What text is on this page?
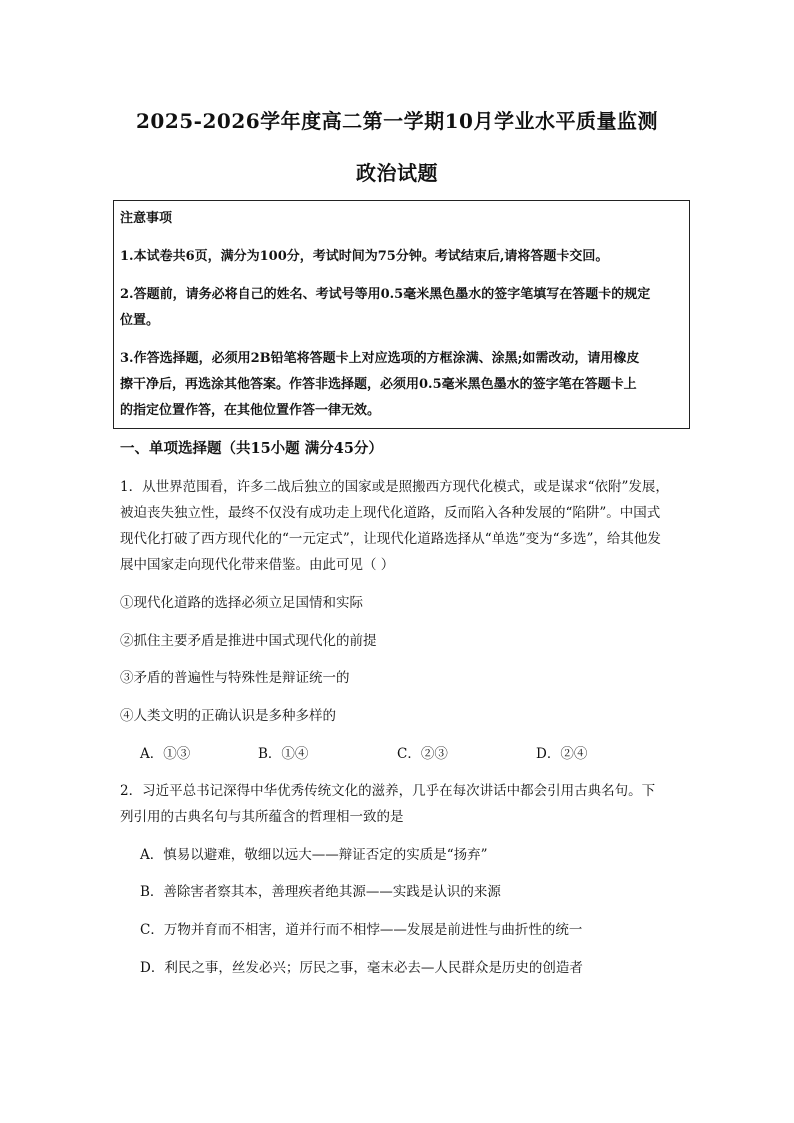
2025-2026学年度高二第一学期10月学业水平质量监测
政治试题
注意事项
1.本试卷共6页，满分为100分，考试时间为75分钟。考试结束后,请将答题卡交回。
2.答题前，请务必将自己的姓名、考试号等用0.5毫米黑色墨水的签字笔填写在答题卡的规定
位置。
3.作答选择题，必须用2B铅笔将答题卡上对应选项的方框涂满、涂黑;如需改动，请用橡皮
擦干净后，再选涂其他答案。作答非选择题，必须用0.5毫米黑色墨水的签字笔在答题卡上
的指定位置作答，在其他位置作答一律无效。
一、单项选择题（共15小题 满分45分）
1．从世界范围看，许多二战后独立的国家或是照搬西方现代化模式，或是谋求“依附”发展，
被迫丧失独立性，最终不仅没有成功走上现代化道路，反而陷入各种发展的“陷阱”。中国式
现代化打破了西方现代化的“一元定式”，让现代化道路选择从“单选”变为“多选”，给其他发
展中国家走向现代化带来借鉴。由此可见（ ）
①现代化道路的选择必须立足国情和实际
②抓住主要矛盾是推进中国式现代化的前提
③矛盾的普遍性与特殊性是辩证统一的
④人类文明的正确认识是多种多样的
A．①③	B．①④	C．②③	D．②④
2．习近平总书记深得中华优秀传统文化的滋养，几乎在每次讲话中都会引用古典名句。下
列引用的古典名句与其所蕴含的哲理相一致的是
A．慎易以避难，敬细以远大——辩证否定的实质是“扬弃”
B．善除害者察其本，善理疾者绝其源——实践是认识的来源
C．万物并育而不相害，道并行而不相悖——发展是前进性与曲折性的统一
D．利民之事，丝发必兴；厉民之事，毫末必去—人民群众是历史的创造者
